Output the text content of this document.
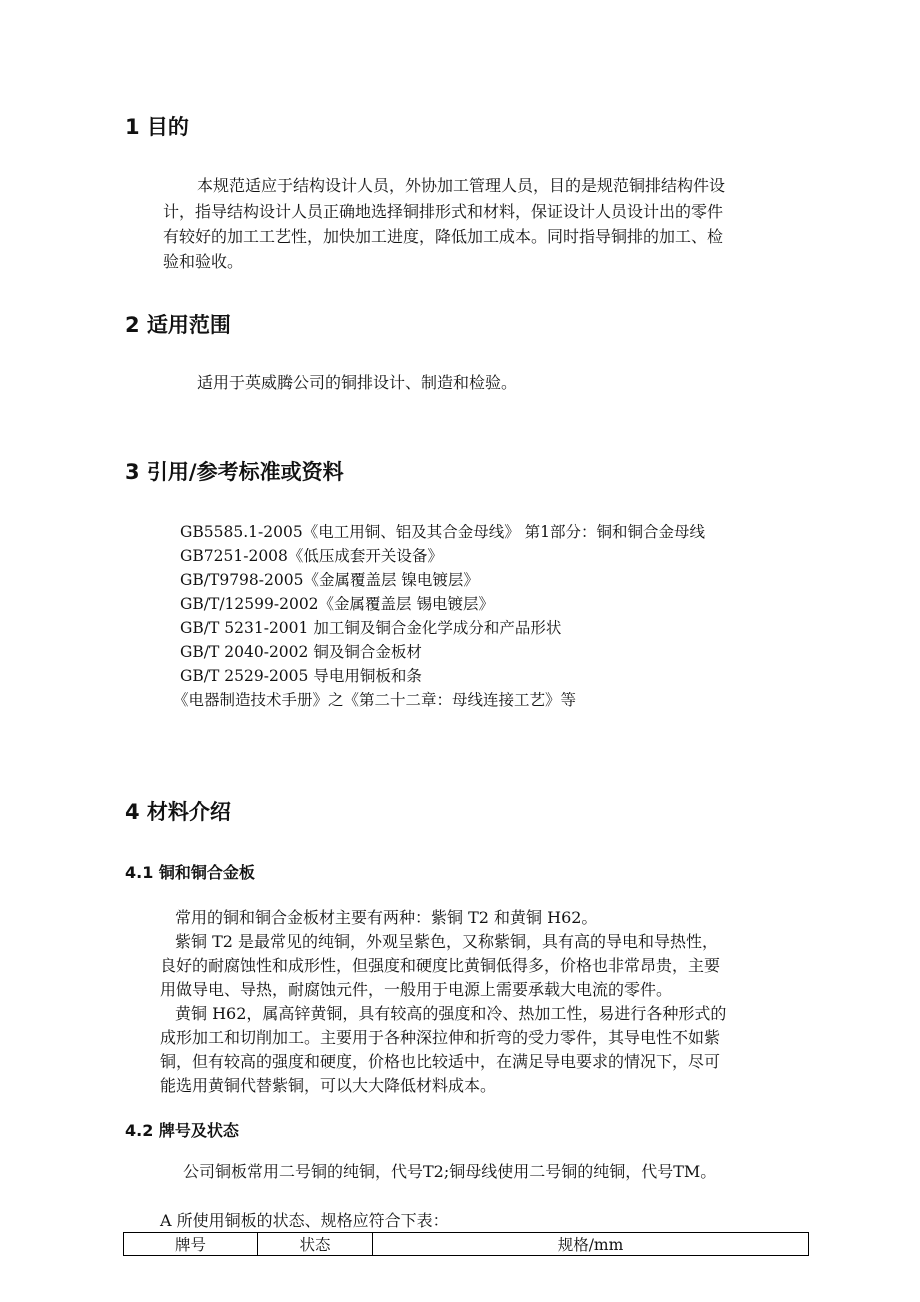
1 目的
本规范适应于结构设计人员，外协加工管理人员，目的是规范铜排结构件设
计，指导结构设计人员正确地选择铜排形式和材料，保证设计人员设计出的零件
有较好的加工工艺性，加快加工进度，降低加工成本。同时指导铜排的加工、检
验和验收。
2 适用范围
适用于英威腾公司的铜排设计、制造和检验。
3 引用/参考标准或资料
GB5585.1-2005《电工用铜、铝及其合金母线》 第1部分：铜和铜合金母线
GB7251-2008《低压成套开关设备》
GB/T9798-2005《金属覆盖层 镍电镀层》
GB/T/12599-2002《金属覆盖层 锡电镀层》
GB/T 5231-2001 加工铜及铜合金化学成分和产品形状
GB/T 2040-2002 铜及铜合金板材
GB/T 2529-2005 导电用铜板和条
《电器制造技术手册》之《第二十二章：母线连接工艺》等
4 材料介绍
4.1 铜和铜合金板
常用的铜和铜合金板材主要有两种：紫铜 T2 和黄铜 H62。
紫铜 T2 是最常见的纯铜，外观呈紫色，又称紫铜，具有高的导电和导热性，
良好的耐腐蚀性和成形性，但强度和硬度比黄铜低得多，价格也非常昂贵，主要
用做导电、导热，耐腐蚀元件，一般用于电源上需要承载大电流的零件。
黄铜 H62，属高锌黄铜，具有较高的强度和冷、热加工性，易进行各种形式的
成形加工和切削加工。主要用于各种深拉伸和折弯的受力零件，其导电性不如紫
铜，但有较高的强度和硬度，价格也比较适中，在满足导电要求的情况下，尽可
能选用黄铜代替紫铜，可以大大降低材料成本。
4.2 牌号及状态
公司铜板常用二号铜的纯铜，代号T2;铜母线使用二号铜的纯铜，代号TM。
A 所使用铜板的状态、规格应符合下表：
牌号	状态	规格/mm
